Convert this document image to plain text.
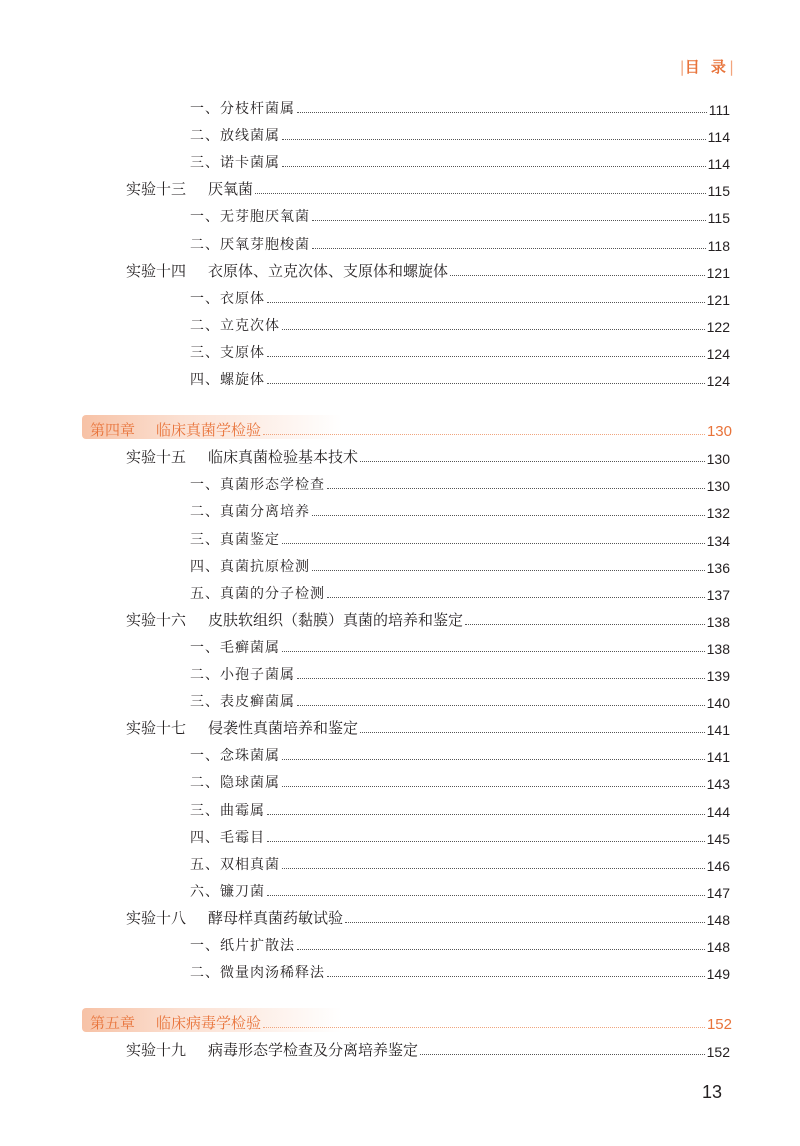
|目 录|
一、 分枝杆菌属	111
二、 放线菌属	114
三、 诺卡菌属	114
实验十三	厌氧菌	115
一、 无芽胞厌氧菌	115
二、 厌氧芽胞梭菌	118
实验十四	衣原体、立克次体、支原体和螺旋体	121
一、 衣原体	121
二、 立克次体	122
三、 支原体	124
四、 螺旋体	124
第四章	临床真菌学检验	130
实验十五	临床真菌检验基本技术	130
一、 真菌形态学检查	130
二、 真菌分离培养	132
三、 真菌鉴定	134
四、 真菌抗原检测	136
五、 真菌的分子检测	137
实验十六	皮肤软组织（黏膜）真菌的培养和鉴定	138
一、 毛癣菌属	138
二、 小孢子菌属	139
三、 表皮癣菌属	140
实验十七	侵袭性真菌培养和鉴定	141
一、 念珠菌属	141
二、 隐球菌属	143
三、 曲霉属	144
四、 毛霉目	145
五、 双相真菌	146
六、 镰刀菌	147
实验十八	酵母样真菌药敏试验	148
一、 纸片扩散法	148
二、 微量肉汤稀释法	149
第五章	临床病毒学检验	152
实验十九	病毒形态学检查及分离培养鉴定	152
13
